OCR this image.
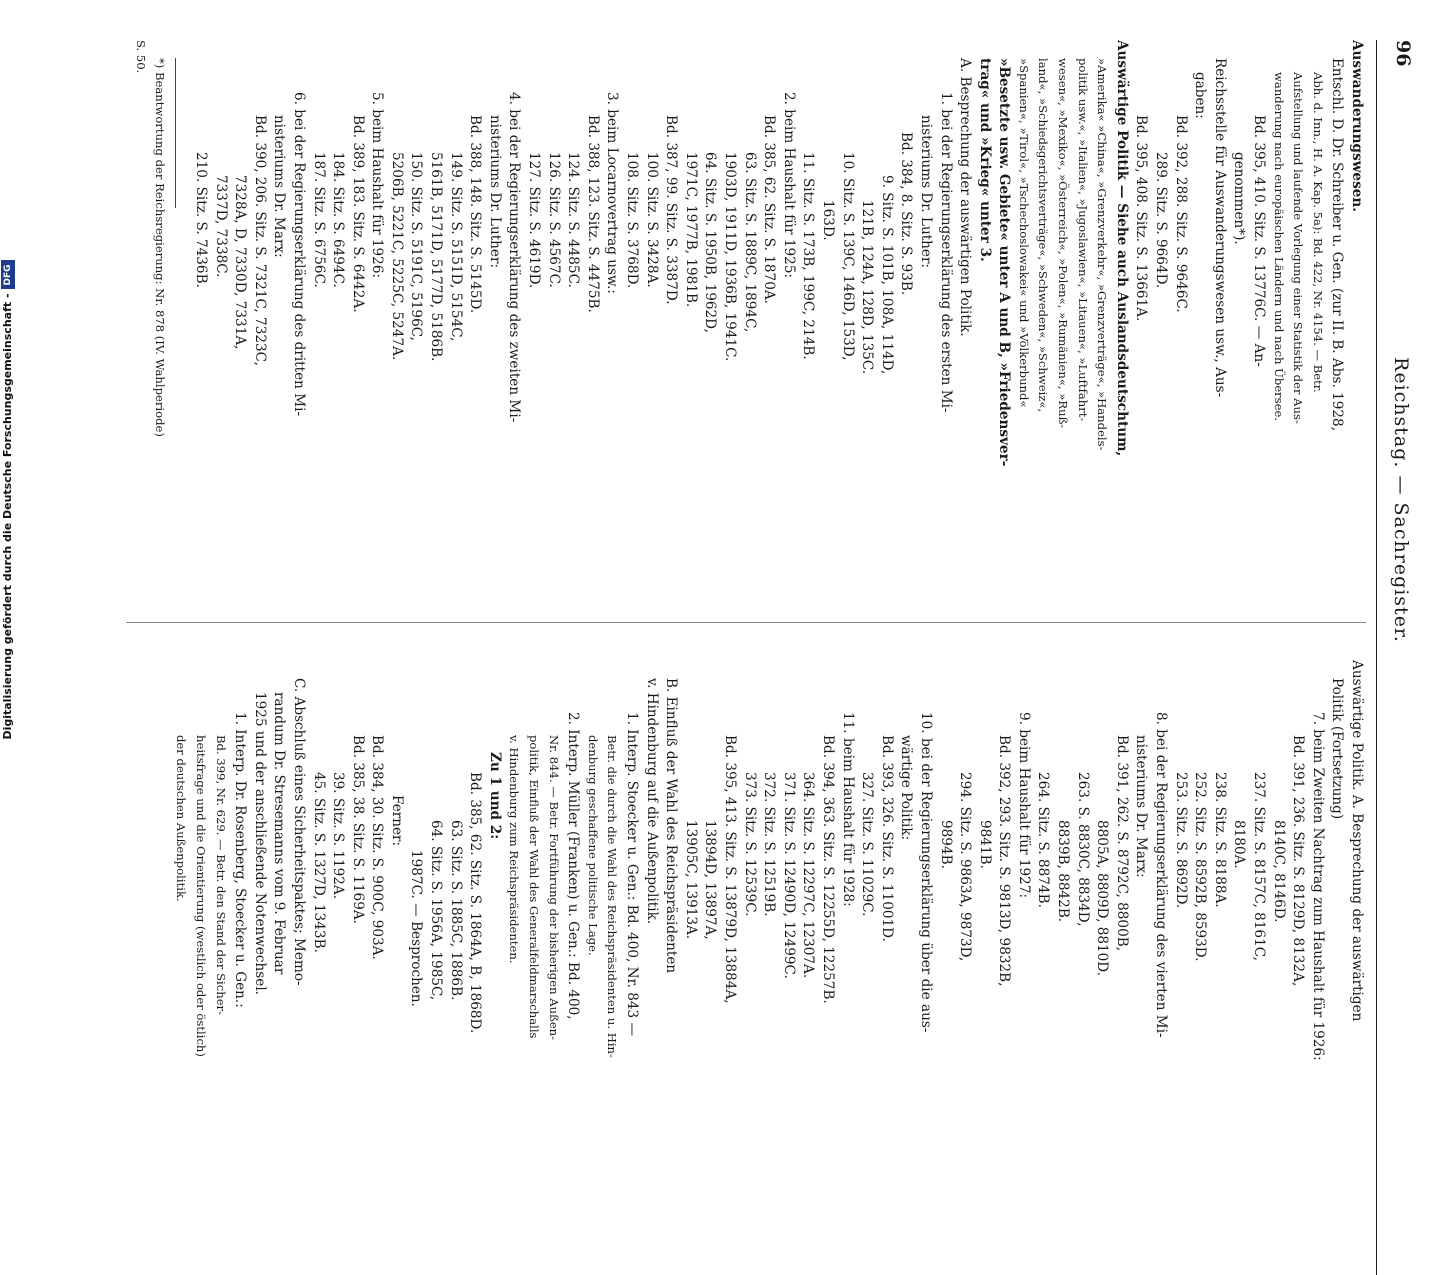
96
Reichstag. — Sachregister.
Auswanderungswesen.
Entschl. D. Dr. Schreiber u. Gen. (zur II. B. Abs. 1928,
Abh. d. Inn., H. A. Kap. 5a): Bd. 422, Nr. 4154. — Betr.
Aufstellung und laufende Vorlegung einer Statistik der Aus-
wanderung nach europäischen Ländern und nach Übersee.
Bd. 395, 410. Sitz. S. 13776C. — An-
genommen*).
Reichsstelle für Auswanderungswesen usw., Aus-
gaben:
Bd. 392, 288. Sitz. S. 9646C.
289. Sitz. S. 9664D.
Bd. 395, 408. Sitz. S. 13661A.
Auswärtige Politik — Siehe auch Auslandsdeutschtum,
»Amerika« »China«, »Grenzverkehr«, »Grenzverträge«, »Handels-
politik usw.«, »Italien«, »Jugoslawien«, »Litauen«, »Luftfahrt-
wesen«, »Mexiko«, »Österreich«, »Polen«, »Rumänien«, »Ruß-
land«, »Schiedsgerichtsverträge«, »Schweden«, »Schweiz«,
»Spanien«, »Tirol«, »Tschechoslowakei« und »Völkerbund«
»Besetzte usw. Gebiete« unter A und B, »Friedensver-
trag« und »Krieg« unter 3.
A. Besprechung der auswärtigen Politik.
1. bei der Regierungserklärung des ersten Mi-
nisteriums Dr. Luther:
Bd. 384, 8. Sitz. S. 93B.
9. Sitz. S. 101B, 108A, 114D,
121B, 124A, 128D, 135C.
10. Sitz. S. 139C, 146D, 153D,
163D.
11. Sitz. S. 173B, 199C, 214B.
2. beim Haushalt für 1925:
Bd. 385, 62. Sitz. S. 1870A.
63. Sitz. S. 1889C, 1894C,
1903D, 1911D, 1936B, 1941C.
64. Sitz. S. 1950B, 1962D,
1971C, 1977B, 1981B.
Bd. 387, 99. Sitz. S. 3387D.
100. Sitz. S. 3428A.
108. Sitz. S. 3768D.
3. beim Locarnovertrag usw.:
Bd. 388, 123. Sitz. S. 4475B.
124. Sitz. S. 4485C.
126. Sitz. S. 4567C.
127. Sitz. S. 4619D.
4. bei der Regierungserklärung des zweiten Mi-
nisteriums Dr. Luther:
Bd. 388, 148. Sitz. S. 5145D.
149. Sitz. S. 5151D, 5154C,
5161B, 5171D, 5177D, 5186B.
150. Sitz. S. 5191C, 5196C,
5206B, 5221C, 5225C, 5247A.
5. beim Haushalt für 1926:
Bd. 389, 183. Sitz. S. 6442A.
184. Sitz. S. 6494C.
187. Sitz. S. 6756C.
6. bei der Regierungserklärung des dritten Mi-
nisteriums Dr. Marx:
Bd. 390, 206. Sitz. S. 7321C, 7323C,
7328A, D, 7330D, 7331A,
7337D, 7338C.
210. Sitz. S. 7436B.
*) Beantwortung der Reichsregierung: Nr. 878 (IV. Wahlperiode)
S. 50.
Auswärtige Politik. A. Besprechung der auswärtigen
Politik (Fortsetzung)
7. beim Zweiten Nachtrag zum Haushalt für 1926:
Bd. 391, 236. Sitz. S. 8129D, 8132A,
8140C, 8146D.
237. Sitz. S. 8157C, 8161C,
8180A.
238. Sitz. S. 8188A.
252. Sitz. S. 8592B, 8593D.
253. Sitz. S. 8692D.
8. bei der Regierungserklärung des vierten Mi-
nisteriums Dr. Marx:
Bd. 391, 262. S. 8792C, 8800B,
8805A, 8809D, 8810D.
263. S. 8830C, 8834D,
8839B, 8842B.
264. Sitz. S. 8874B.
9. beim Haushalt für 1927:
Bd. 392, 293. Sitz. S. 9813D, 9832B,
9841B.
294. Sitz. S. 9863A, 9873D,
9894B.
10. bei der Regierungserklärung über die aus-
wärtige Politik:
Bd. 393, 326. Sitz. S. 11001D.
327. Sitz. S. 11029C.
11. beim Haushalt für 1928:
Bd. 394, 363. Sitz. S. 12255D, 12257B.
364. Sitz. S. 12297C, 12307A.
371. Sitz. S. 12490D, 12499C.
372. Sitz. S. 12519B.
373. Sitz. S. 12539C.
Bd. 395, 413. Sitz. S. 13879D, 13884A,
13894D, 13897A,
13905C, 13913A.
B. Einfluß der Wahl des Reichspräsidenten
v. Hindenburg auf die Außenpolitik.
1. Interp. Stoecker u. Gen.: Bd. 400, Nr. 843 —
Betr. die durch die Wahl des Reichspräsidenten u. Hin-
denburg geschaffene politische Lage.
2. Interp. Müller (Franken) u. Gen.: Bd. 400,
Nr. 844. — Betr. Fortführung der bisherigen Außen-
politik, Einfluß der Wahl des Generalfeldmarschalls
v. Hindenburg zum Reichspräsidenten.
Zu 1 und 2:
Bd. 385, 62. Sitz. S. 1864A, B, 1868D.
63. Sitz. S. 1885C, 1886B.
64. Sitz. S. 1956A, 1985C,
1987C. — Besprochen.
Ferner:
Bd. 384, 30. Sitz. S. 900C, 903A.
Bd. 385, 38. Sitz. S. 1169A.
39. Sitz. S. 1192A.
45. Sitz. S. 1327D, 1343B.
C. Abschluß eines Sicherheitspaktes; Memo-
randum Dr. Stresemanns vom 9. Februar
1925 und der anschließende Notenwechsel.
1. Interp. Dr. Rosenberg, Stoecker u. Gen.:
Bd. 399, Nr. 629. — Betr. den Stand der Sicher-
heitsfrage und die Orientierung (westlich oder östlich)
der deutschen Außenpolitik.
Digitalisierung gefördert durch die Deutsche Forschungsgemeinschaft -
DFG
